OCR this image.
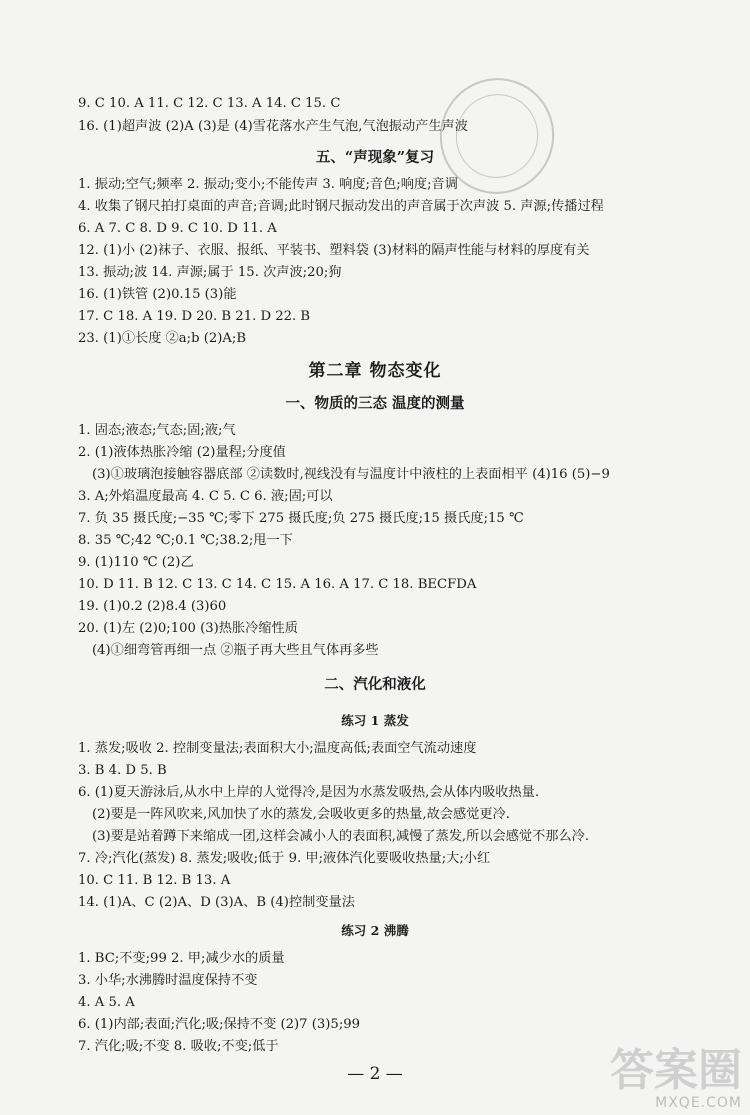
9. C 10. A 11. C 12. C 13. A 14. C 15. C

16. (1)超声波 (2)A (3)是 (4)雪花落水产生气泡,气泡振动产生声波

五、“声现象”复习

1. 振动;空气;频率 2. 振动;变小;不能传声 3. 响度;音色;响度;音调

4. 收集了钢尺拍打桌面的声音;音调;此时钢尺振动发出的声音属于次声波 5. 声源;传播过程

6. A 7. C 8. D 9. C 10. D 11. A

12. (1)小 (2)袜子、衣服、报纸、平装书、塑料袋 (3)材料的隔声性能与材料的厚度有关

13. 振动;波 14. 声源;属于 15. 次声波;20;狗

16. (1)铁管 (2)0.15 (3)能

17. C 18. A 19. D 20. B 21. D 22. B

23. (1)①长度 ②a;b (2)A;B

第二章 物态变化
一、物质的三态 温度的测量

1. 固态;液态;气态;固;液;气

2. (1)液体热胀冷缩 (2)量程;分度值

(3)①玻璃泡接触容器底部 ②读数时,视线没有与温度计中液柱的上表面相平 (4)16 (5)−9

3. A;外焰温度最高 4. C 5. C 6. 液;固;可以

7. 负 35 摄氏度;−35 ℃;零下 275 摄氏度;负 275 摄氏度;15 摄氏度;15 ℃

8. 35 ℃;42 ℃;0.1 ℃;38.2;甩一下

9. (1)110 ℃ (2)乙

10. D 11. B 12. C 13. C 14. C 15. A 16. A 17. C 18. BECFDA

19. (1)0.2 (2)8.4 (3)60

20. (1)左 (2)0;100 (3)热胀冷缩性质

(4)①细弯管再细一点 ②瓶子再大些且气体再多些

二、汽化和液化
练习 1 蒸发

1. 蒸发;吸收 2. 控制变量法;表面积大小;温度高低;表面空气流动速度

3. B 4. D 5. B

6. (1)夏天游泳后,从水中上岸的人觉得冷,是因为水蒸发吸热,会从体内吸收热量.

(2)要是一阵风吹来,风加快了水的蒸发,会吸收更多的热量,故会感觉更冷.

(3)要是站着蹲下来缩成一团,这样会减小人的表面积,减慢了蒸发,所以会感觉不那么冷.

7. 冷;汽化(蒸发) 8. 蒸发;吸收;低于 9. 甲;液体汽化要吸收热量;大;小红

10. C 11. B 12. B 13. A

14. (1)A、C (2)A、D (3)A、B (4)控制变量法

练习 2 沸腾

1. BC;不变;99 2. 甲;减少水的质量

3. 小华;水沸腾时温度保持不变

4. A 5. A

6. (1)内部;表面;汽化;吸;保持不变 (2)7 (3)5;99

7. 汽化;吸;不变 8. 吸收;不变;低于

— 2 —	答案圈
MXQE.COM
